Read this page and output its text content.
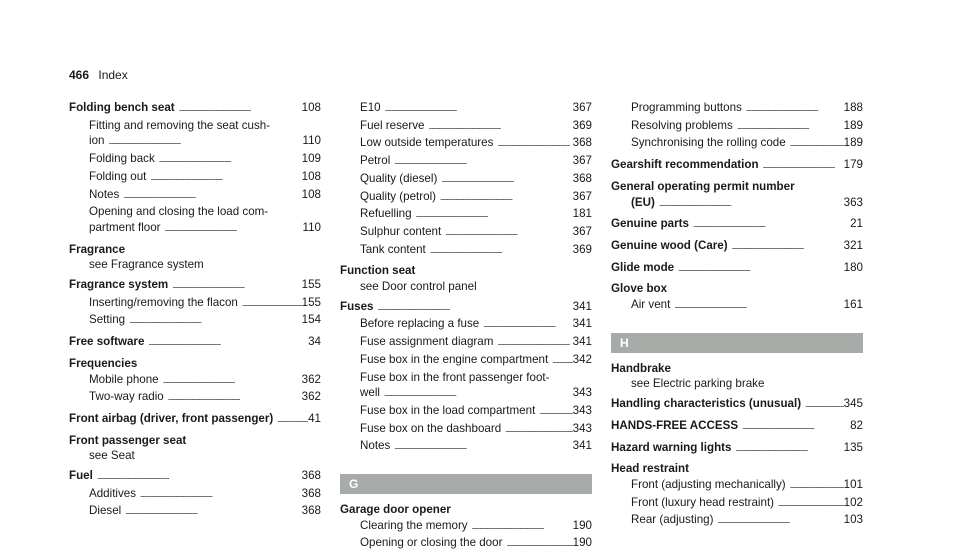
466 Index
Folding bench seat . . .	108
Fitting and removing the seat cush-
ion . . .	110
Folding back . . .	109
Folding out . . .	108
Notes . . .	108
Opening and closing the load com-
partment floor . . .	110
Fragrance
see Fragrance system
Fragrance system . . .	155
Inserting/removing the flacon . . .	155
Setting . . .	154
Free software . . .	34
Frequencies
Mobile phone . . .	362
Two-way radio . . .	362
Front airbag (driver, front passenger) . . .	41
Front passenger seat
see Seat
Fuel . . .	368
Additives . . .	368
Diesel . . .	368
E10 . . .	367
Fuel reserve . . .	369
Low outside temperatures . . .	368
Petrol . . .	367
Quality (diesel) . . .	368
Quality (petrol) . . .	367
Refuelling . . .	181
Sulphur content . . .	367
Tank content . . .	369
Function seat
see Door control panel
Fuses . . .	341
Before replacing a fuse . . .	341
Fuse assignment diagram . . .	341
Fuse box in the engine compartment . . . 342
Fuse box in the front passenger foot-
well . . .	343
Fuse box in the load compartment . . .	343
Fuse box on the dashboard . . .	343
Notes . . .	341
G
Garage door opener
Clearing the memory . . .	190
Opening or closing the door . . .	190
Programming buttons . . .	188
Resolving problems . . .	189
Synchronising the rolling code . . .	189
Gearshift recommendation . . .	179
General operating permit number
(EU) . . .	363
Genuine parts . . .	21
Genuine wood (Care) . . .	321
Glide mode . . .	180
Glove box
Air vent . . .	161
H
Handbrake
see Electric parking brake
Handling characteristics (unusual) . . .	345
HANDS-FREE ACCESS . . .	82
Hazard warning lights . . .	135
Head restraint
Front (adjusting mechanically) . . .	101
Front (luxury head restraint) . . .	102
Rear (adjusting) . . .	103
